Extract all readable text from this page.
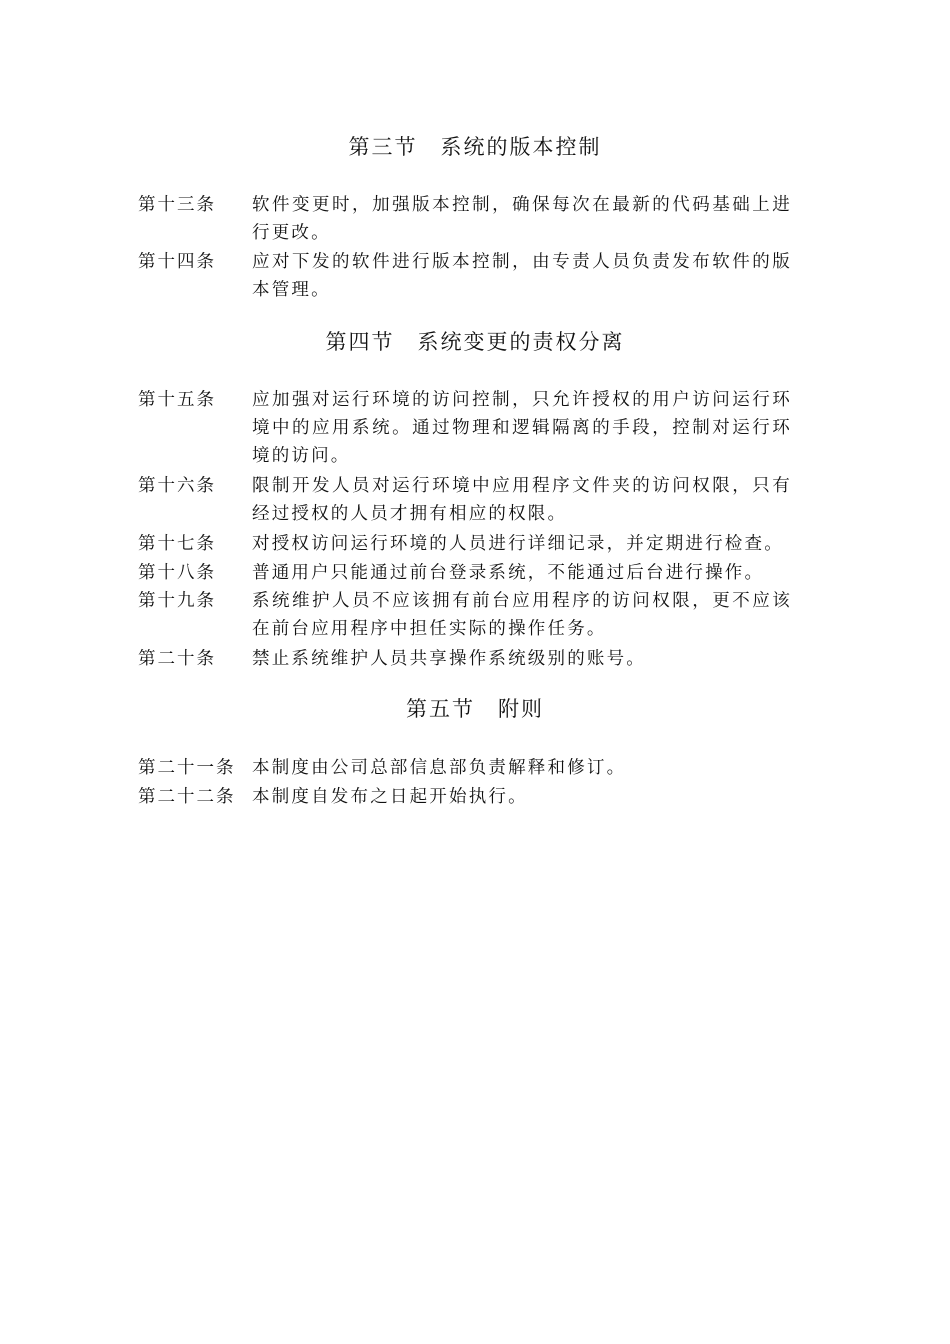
第三节　系统的版本控制
第十三条	软件变更时，加强版本控制，确保每次在最新的代码基础上进行更改。
第十四条	应对下发的软件进行版本控制，由专责人员负责发布软件的版本管理。
第四节　系统变更的责权分离
第十五条	应加强对运行环境的访问控制，只允许授权的用户访问运行环境中的应用系统。通过物理和逻辑隔离的手段，控制对运行环境的访问。
第十六条	限制开发人员对运行环境中应用程序文件夹的访问权限，只有经过授权的人员才拥有相应的权限。
第十七条	对授权访问运行环境的人员进行详细记录，并定期进行检查。
第十八条	普通用户只能通过前台登录系统，不能通过后台进行操作。
第十九条	系统维护人员不应该拥有前台应用程序的访问权限，更不应该在前台应用程序中担任实际的操作任务。
第二十条	禁止系统维护人员共享操作系统级别的账号。
第五节　附则
第二十一条 本制度由公司总部信息部负责解释和修订。
第二十二条 本制度自发布之日起开始执行。
